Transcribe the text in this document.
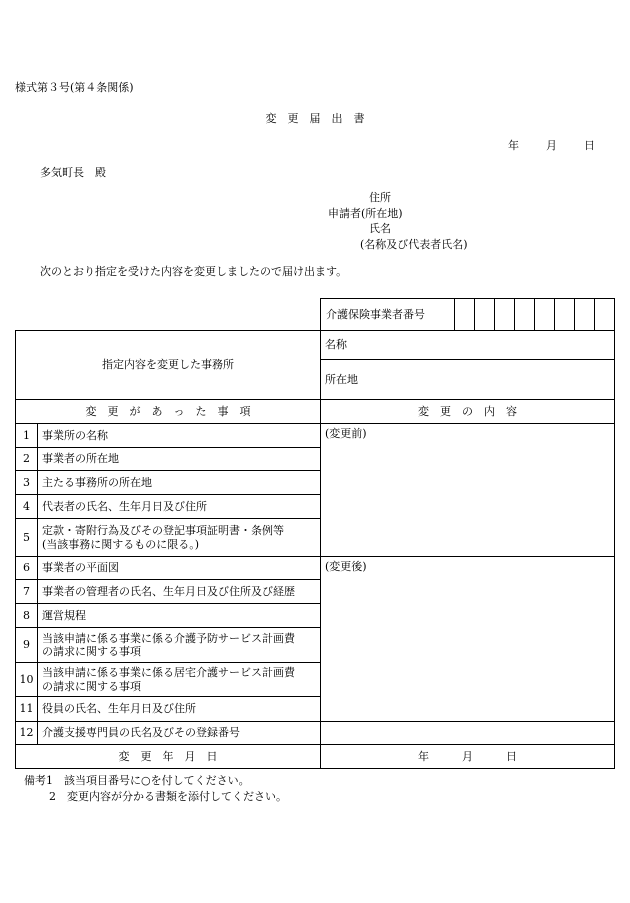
様式第３号(第４条関係)
変　更　届　出　書
年 月 日
多気町長　殿
住所
申請者(所在地)
氏名
(名称及び代表者氏名)
次のとおり指定を受けた内容を変更しましたので届け出ます。

介護保険事業者番号

指定内容を変更した事務所		名称
		所在地
変　更　が　あ　っ　た　事　項		変　更　の　内　容
1	事業所の名称	(変更前)
2	事業者の所在地	
3	主たる事務所の所在地	
4	代表者の氏名、生年月日及び住所	
5	定款・寄附行為及びその登記事項証明書・条例等
(当該事務に関するものに限る。)	

6	事業者の平面図	(変更後)
7	事業者の管理者の氏名、生年月日及び住所及び経歴	
8	運営規程	
9	当該申請に係る事業に係る介護予防サービス計画費
の請求に関する事項	

10	当該申請に係る事業に係る居宅介護サービス計画費
の請求に関する事項	

11	役員の氏名、生年月日及び住所	
12	介護支援専門員の氏名及びその登録番号	
変　更　年　月　日		年　　　月　　　日
備考1　該当項目番号に○を付してください。
2　変更内容が分かる書類を添付してください。
